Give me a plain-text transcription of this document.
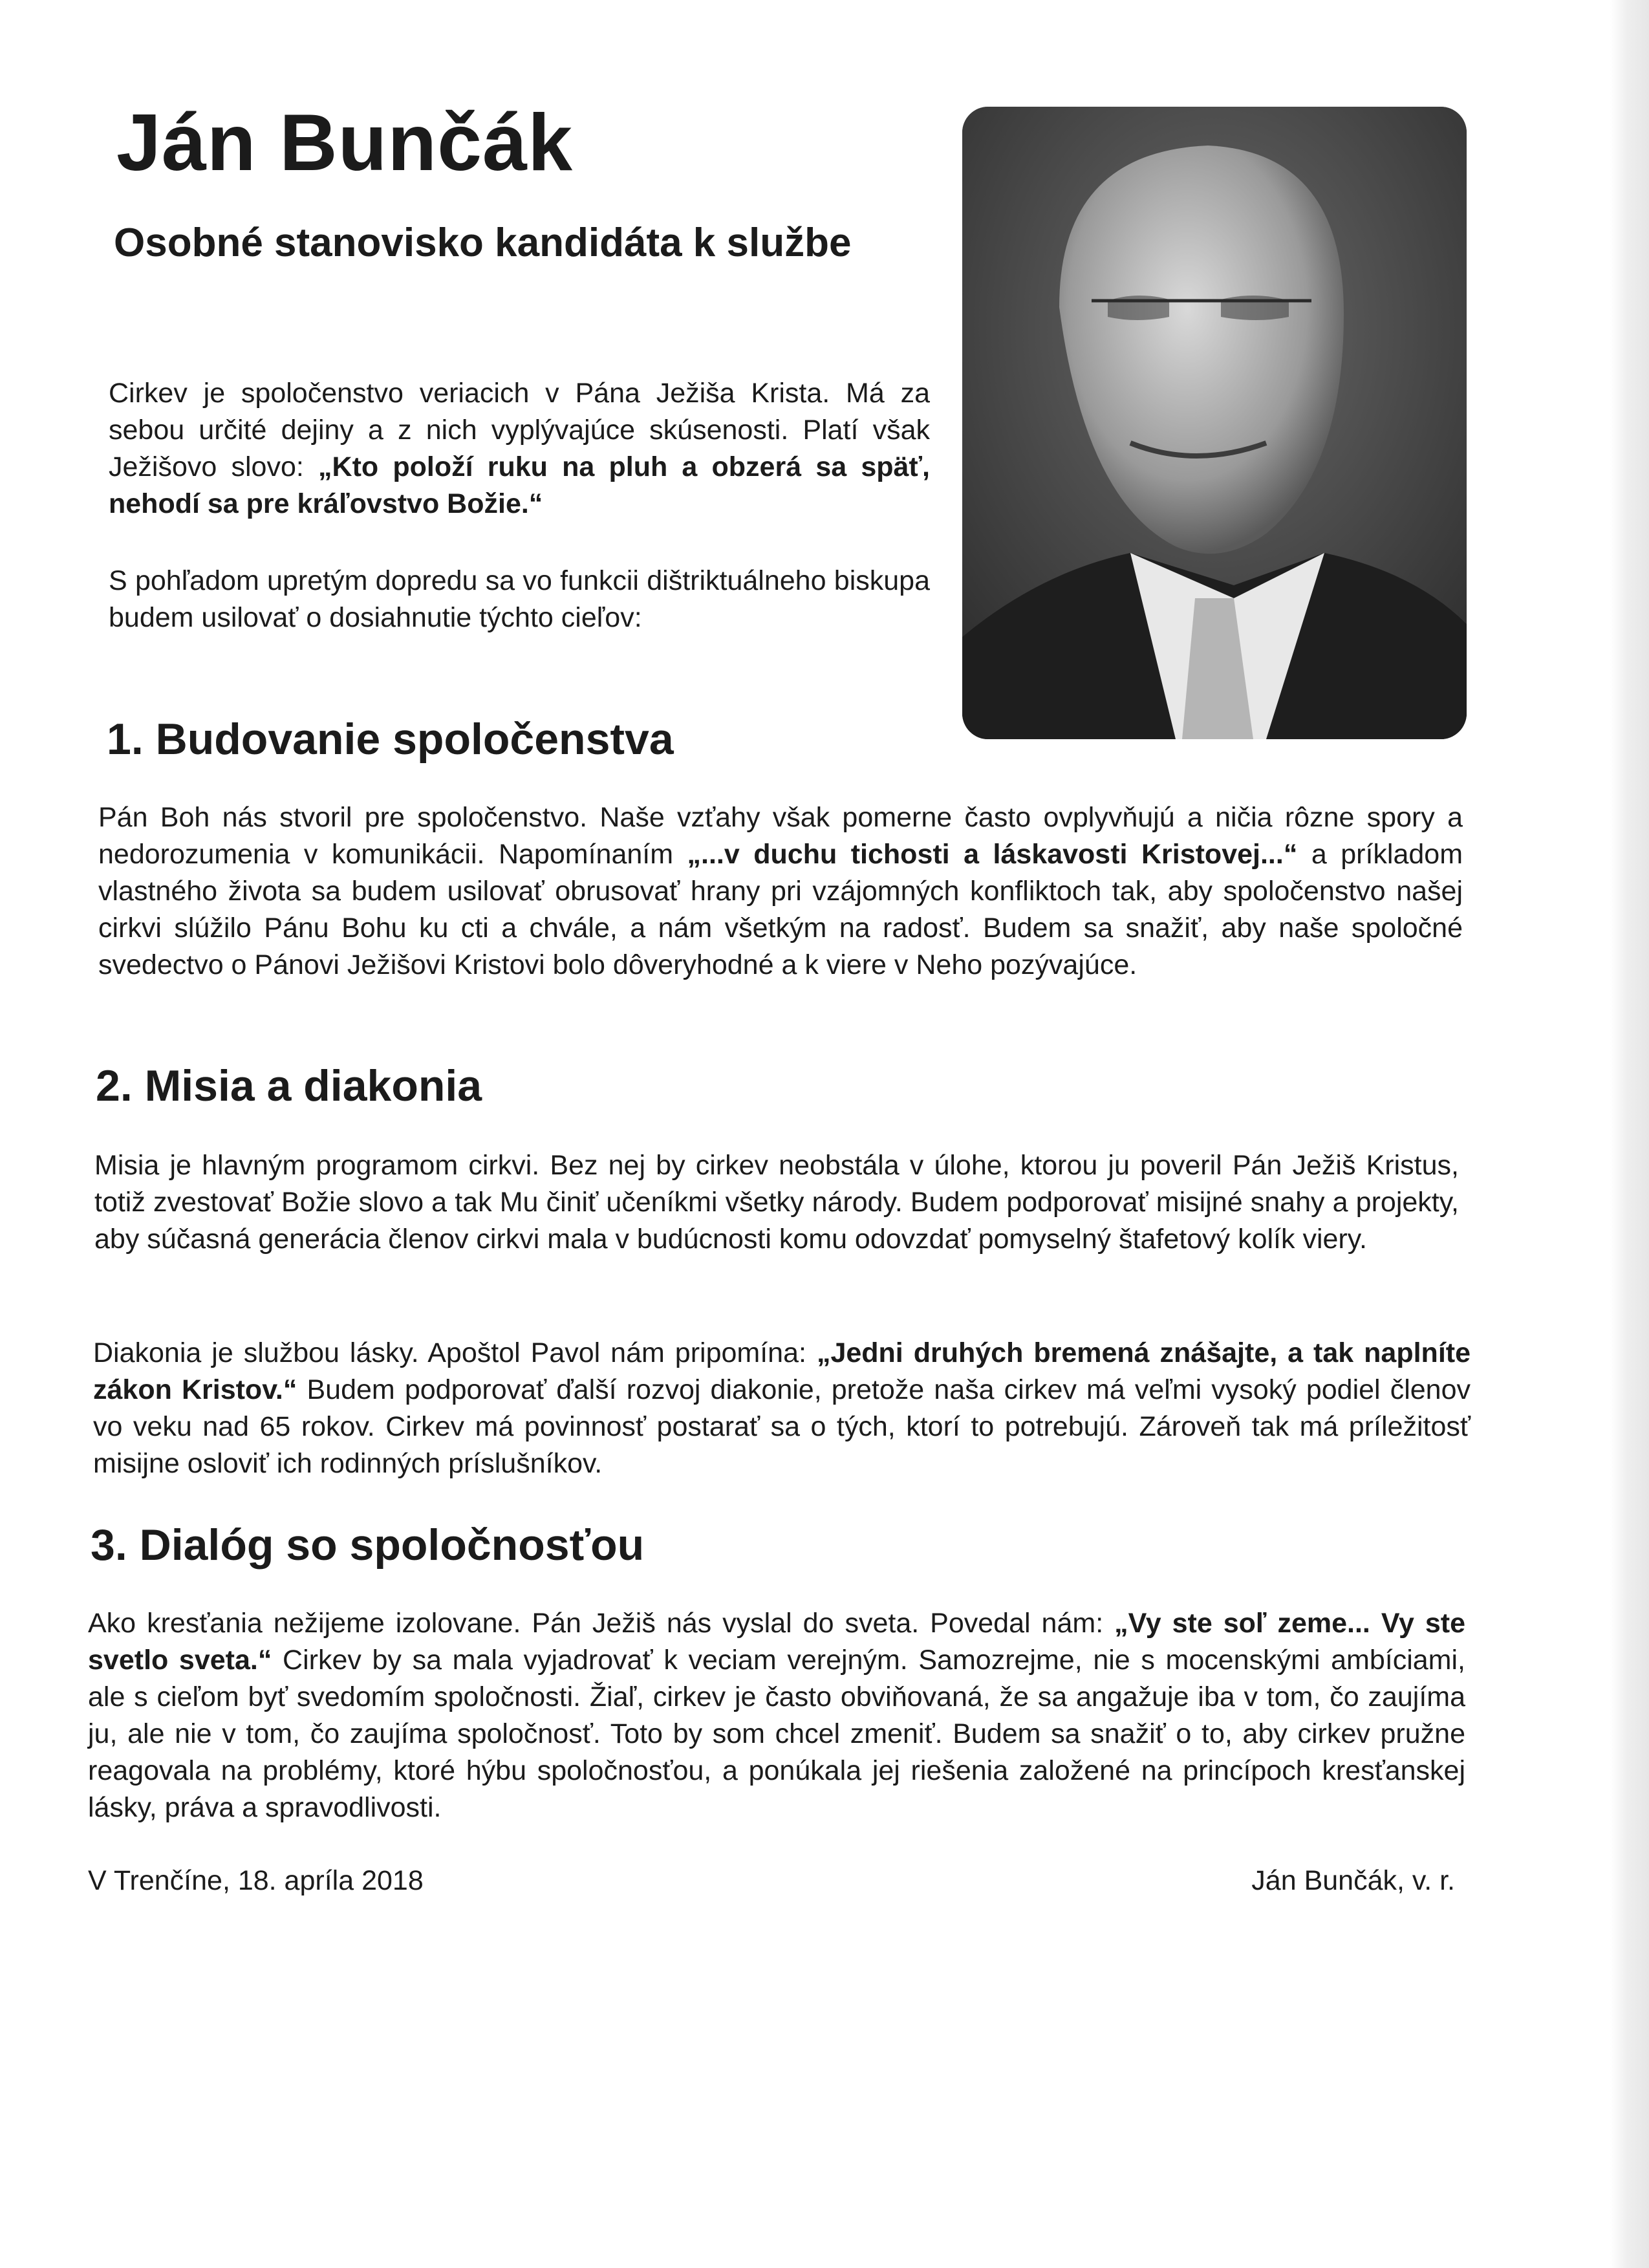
Ján Bunčák
Osobné stanovisko kandidáta k službe

Cirkev je spoločenstvo veriacich v Pána Ježiša Krista. Má za sebou určité dejiny a z nich vyplývajúce skúsenosti. Platí však Ježišovo slovo: „Kto položí ruku na pluh a obzerá sa späť, nehodí sa pre kráľovstvo Božie.“

S pohľadom upretým dopredu sa vo funkcii dištriktuálneho biskupa budem usilovať o dosiahnutie týchto cieľov:

1. Budovanie spoločenstva

Pán Boh nás stvoril pre spoločenstvo. Naše vzťahy však pomerne často ovplyvňujú a ničia rôzne spory a nedorozumenia v komunikácii. Napomínaním „...v duchu tichosti a láskavosti Kristovej...“ a príkladom vlastného života sa budem usilovať obrusovať hrany pri vzájomných konfliktoch tak, aby spoločenstvo našej cirkvi slúžilo Pánu Bohu ku cti a chvále, a nám všetkým na radosť. Budem sa snažiť, aby naše spoločné svedectvo o Pánovi Ježišovi Kristovi bolo dôveryhodné a k viere v Neho pozývajúce.

2. Misia a diakonia

Misia je hlavným programom cirkvi. Bez nej by cirkev neobstála v úlohe, ktorou ju poveril Pán Ježiš Kristus, totiž zvestovať Božie slovo a tak Mu činiť učeníkmi všetky národy. Budem podporovať misijné snahy a projekty, aby súčasná generácia členov cirkvi mala v budúcnosti komu odovzdať pomyselný štafetový kolík viery.

Diakonia je službou lásky. Apoštol Pavol nám pripomína: „Jedni druhých bremená znášajte, a tak naplníte zákon Kristov.“ Budem podporovať ďalší rozvoj diakonie, pretože naša cirkev má veľmi vysoký podiel členov vo veku nad 65 rokov. Cirkev má povinnosť postarať sa o tých, ktorí to potrebujú. Zároveň tak má príležitosť misijne osloviť ich rodinných príslušníkov.

3. Dialóg so spoločnosťou

Ako kresťania nežijeme izolovane. Pán Ježiš nás vyslal do sveta. Povedal nám: „Vy ste soľ zeme... Vy ste svetlo sveta.“ Cirkev by sa mala vyjadrovať k veciam verejným. Samozrejme, nie s mocenskými ambíciami, ale s cieľom byť svedomím spoločnosti. Žiaľ, cirkev je často obviňovaná, že sa angažuje iba v tom, čo zaujíma ju, ale nie v tom, čo zaujíma spoločnosť. Toto by som chcel zmeniť. Budem sa snažiť o to, aby cirkev pružne reagovala na problémy, ktoré hýbu spoločnosťou, a ponúkala jej riešenia založené na princípoch kresťanskej lásky, práva a spravodlivosti.

V Trenčíne, 18. apríla 2018	Ján Bunčák, v. r.
